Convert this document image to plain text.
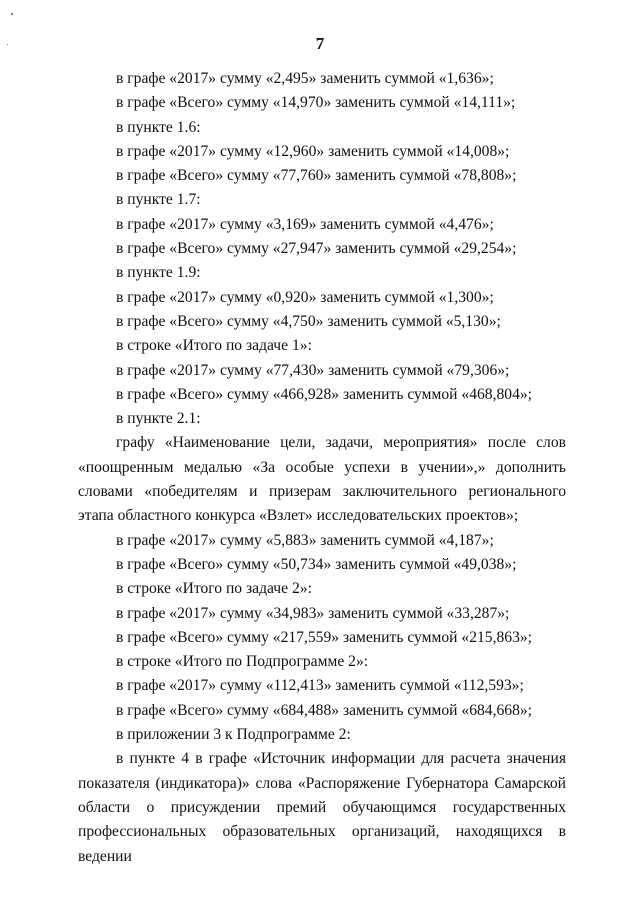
7

в графе «2017» сумму «2,495» заменить суммой «1,636»;

в графе «Всего» сумму «14,970» заменить суммой «14,111»;

в пункте 1.6:

в графе «2017» сумму «12,960» заменить суммой «14,008»;

в графе «Всего» сумму «77,760» заменить суммой «78,808»;

в пункте 1.7:

в графе «2017» сумму «3,169» заменить суммой «4,476»;

в графе «Всего» сумму «27,947» заменить суммой «29,254»;

в пункте 1.9:

в графе «2017» сумму «0,920» заменить суммой «1,300»;

в графе «Всего» сумму «4,750» заменить суммой «5,130»;

в строке «Итого по задаче 1»:

в графе «2017» сумму «77,430» заменить суммой «79,306»;

в графе «Всего» сумму «466,928» заменить суммой «468,804»;

в пункте 2.1:

графу «Наименование цели, задачи, мероприятия» после слов «поощренным медалью «За особые успехи в учении»,» дополнить словами «победителям и призерам заключительного регионального этапа областного конкурса «Взлет» исследовательских проектов»;

в графе «2017» сумму «5,883» заменить суммой «4,187»;

в графе «Всего» сумму «50,734» заменить суммой «49,038»;

в строке «Итого по задаче 2»:

в графе «2017» сумму «34,983» заменить суммой «33,287»;

в графе «Всего» сумму «217,559» заменить суммой «215,863»;

в строке «Итого по Подпрограмме 2»:

в графе «2017» сумму «112,413» заменить суммой «112,593»;

в графе «Всего» сумму «684,488» заменить суммой «684,668»;

в приложении 3 к Подпрограмме 2:

в пункте 4 в графе «Источник информации для расчета значения показателя (индикатора)» слова «Распоряжение Губернатора Самарской области о присуждении премий обучающимся государственных профессиональных образовательных организаций, находящихся в ведении
